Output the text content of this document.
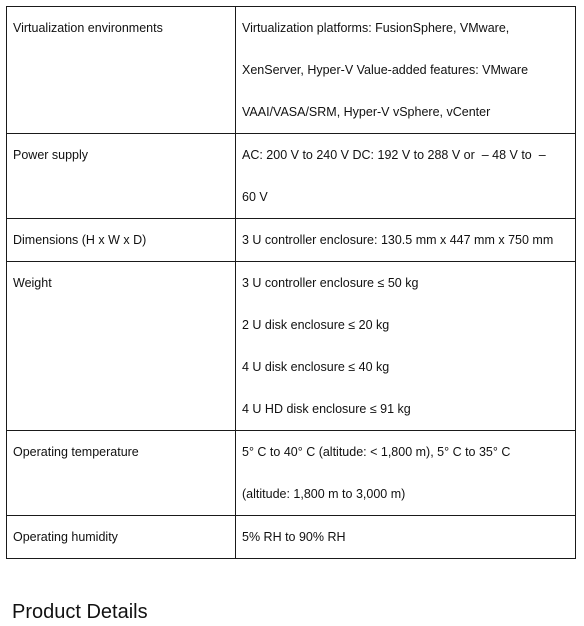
Virtualization environments	Virtualization platforms: FusionSphere, VMware,
XenServer, Hyper-V Value-added features: VMware
VAAI/VASA/SRM, Hyper-V vSphere, vCenter

Power supply	AC: 200 V to 240 V DC: 192 V to 288 V or  – 48 V to  –
60 V

Dimensions (H x W x D)	3 U controller enclosure: 130.5 mm x 447 mm x 750 mm

Weight	3 U controller enclosure ≤ 50 kg
2 U disk enclosure ≤ 20 kg
4 U disk enclosure ≤ 40 kg
4 U HD disk enclosure ≤ 91 kg

Operating temperature	5° C to 40° C (altitude: < 1,800 m), 5° C to 35° C
(altitude: 1,800 m to 3,000 m)

Operating humidity	5% RH to 90% RH
Product Details
